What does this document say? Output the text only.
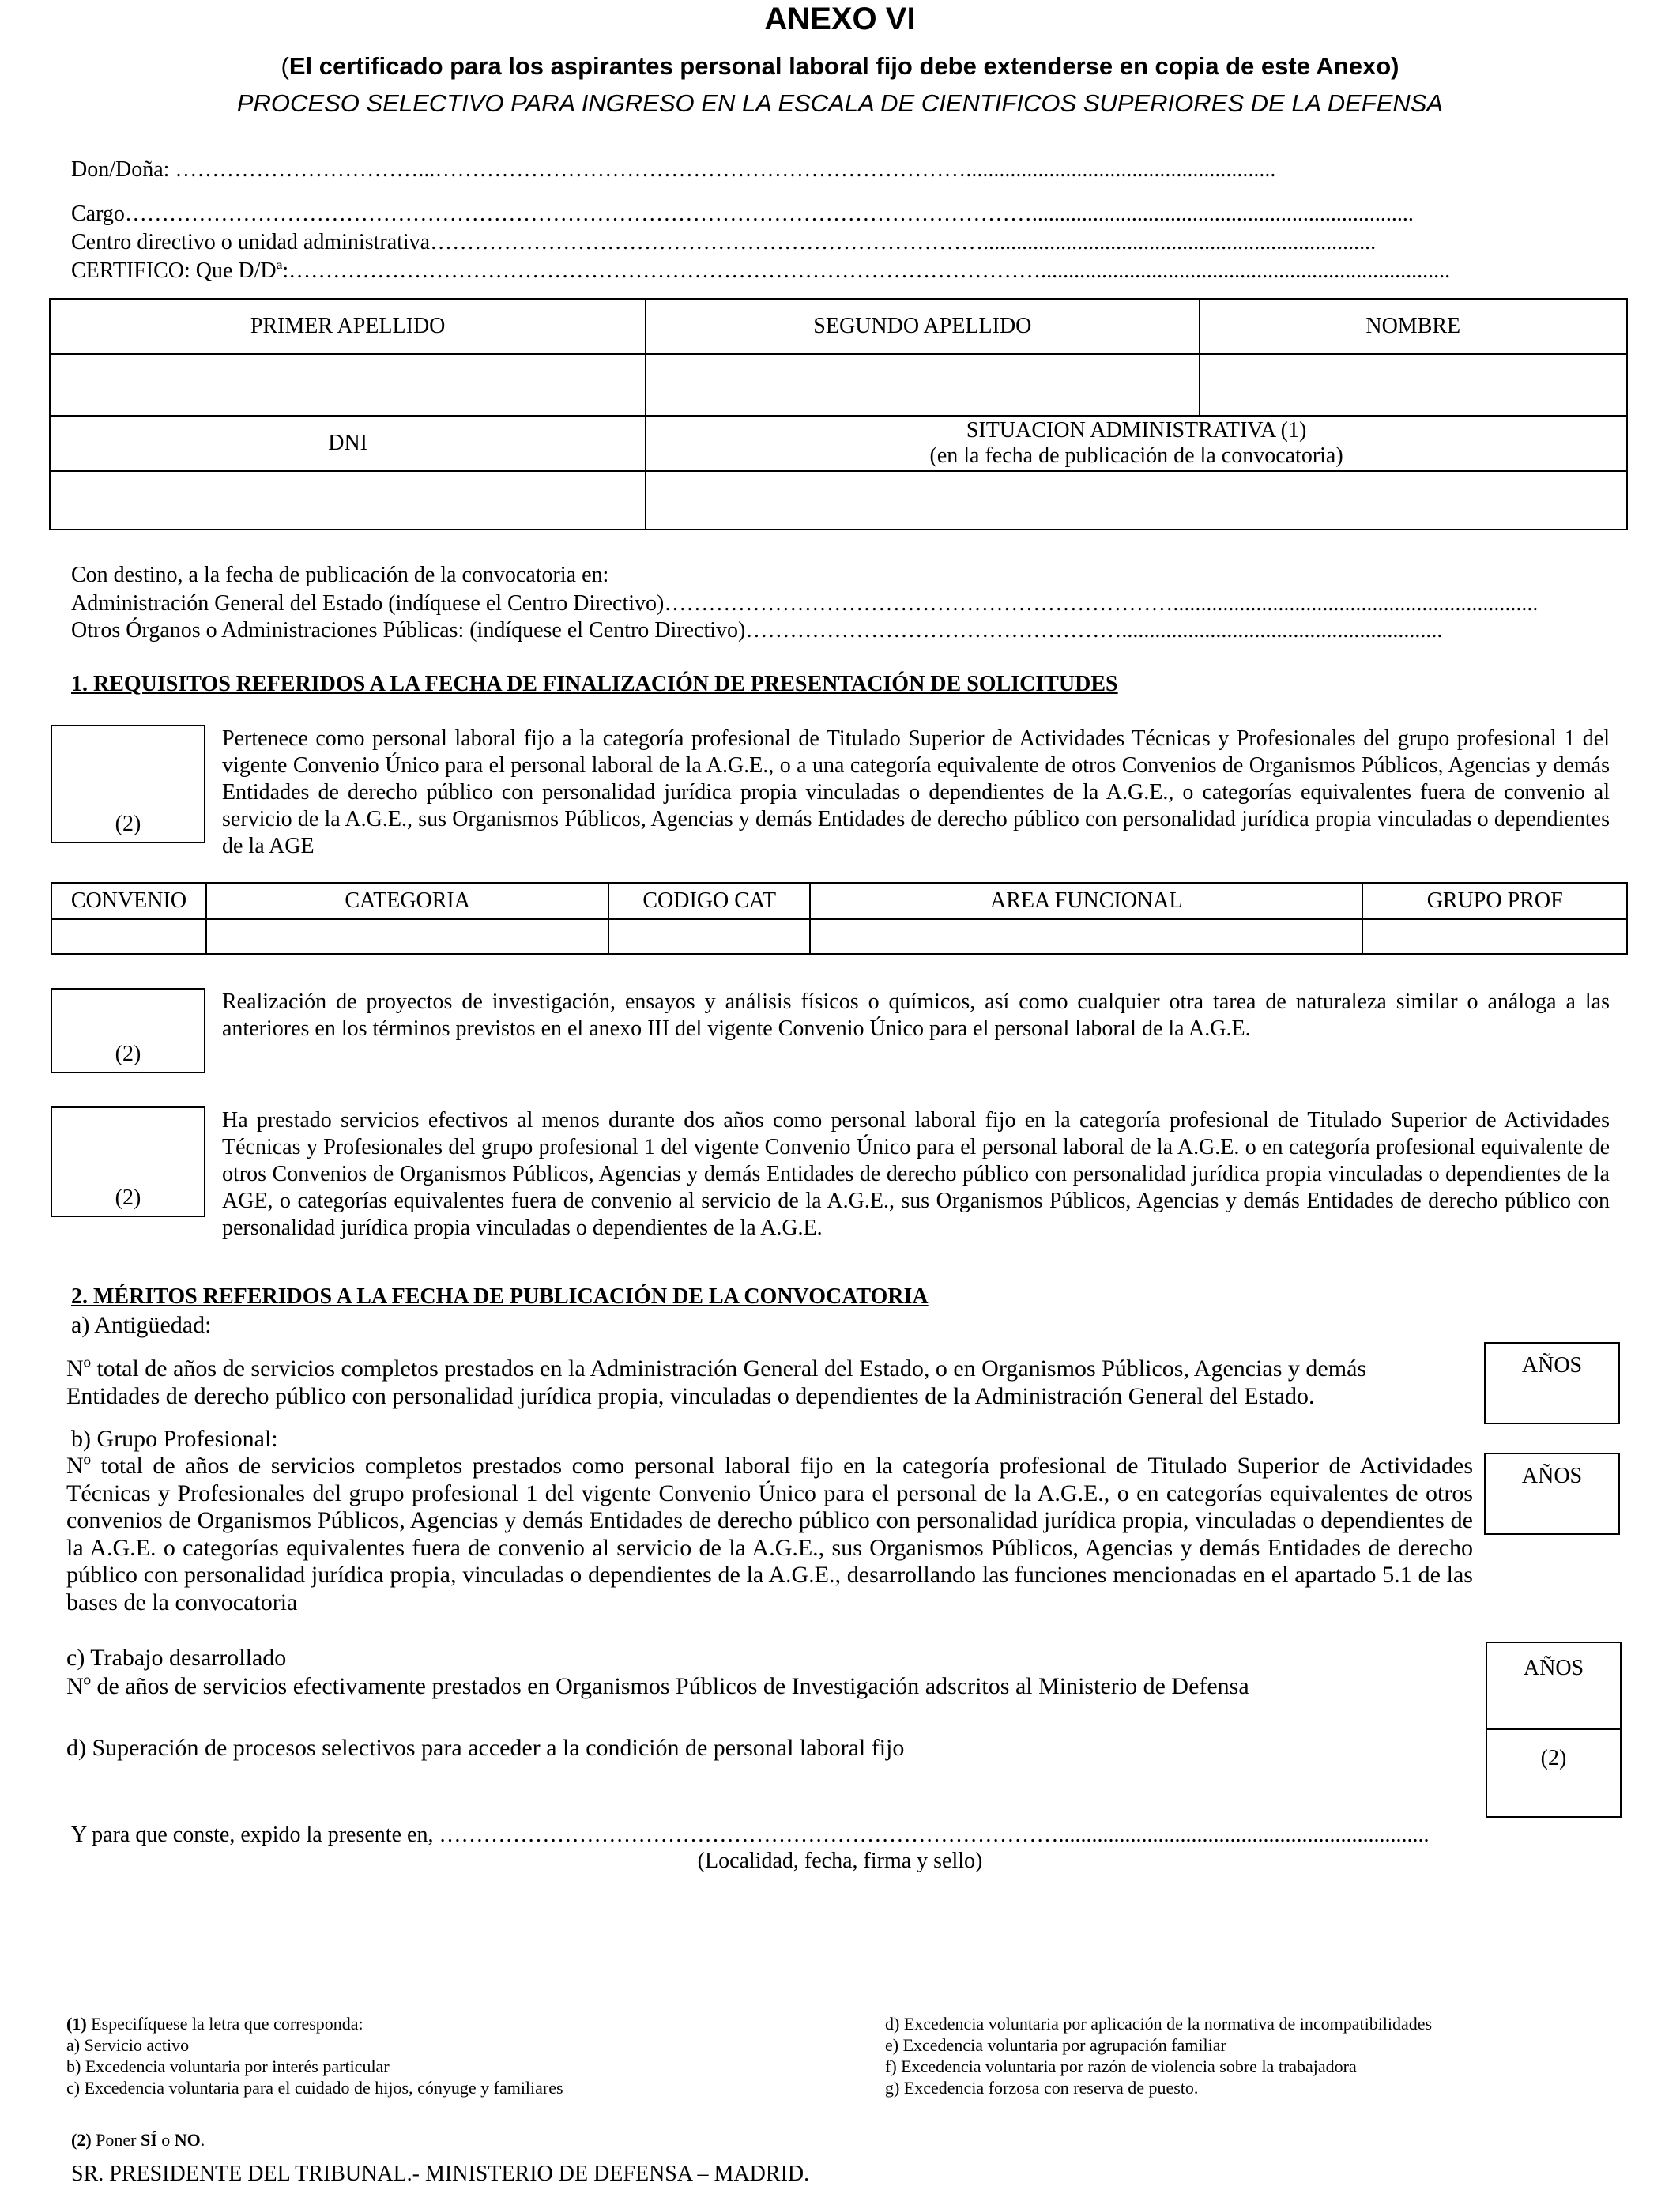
ANEXO VI
(El certificado para los aspirantes personal laboral fijo debe extenderse en copia de este Anexo)
PROCESO SELECTIVO PARA INGRESO EN LA ESCALA DE CIENTIFICOS SUPERIORES DE LA DEFENSA
Don/Doña: ……………………………...………………………………………………………………........................................................
Cargo…………………………………………………………………………………………………………….....................................................................
Centro directivo o unidad administrativa………………………………………………………………….......................................................................
CERTIFICO: Que D/Dª:…………………………………………………………………………………………..........................................................................
PRIMER APELLIDO	SEGUNDO APELLIDO	NOMBRE

DNI	SITUACION ADMINISTRATIVA (1)
(en la fecha de publicación de la convocatoria)	

Con destino, a la fecha de publicación de la convocatoria en:
Administración General del Estado (indíquese el Centro Directivo)……………………………………………………………..................................................................
Otros Órganos o Administraciones Públicas: (indíquese el Centro Directivo)……………………………………………..........................................................
1. REQUISITOS REFERIDOS A LA FECHA DE FINALIZACIÓN DE PRESENTACIÓN DE SOLICITUDES
(2)
Pertenece como personal laboral fijo a la categoría profesional de Titulado Superior de Actividades Técnicas y Profesionales del grupo profesional 1 del vigente Convenio Único para el personal laboral de la A.G.E., o a una categoría equivalente de otros Convenios de Organismos Públicos, Agencias y demás Entidades de derecho público con personalidad jurídica propia vinculadas o dependientes de la A.G.E., o categorías equivalentes fuera de convenio al servicio de la A.G.E., sus Organismos Públicos, Agencias y demás Entidades de derecho público con personalidad jurídica propia vinculadas o dependientes de la AGE
CONVENIO	CATEGORIA	CODIGO CAT	AREA FUNCIONAL	GRUPO PROF

(2)
Realización de proyectos de investigación, ensayos y análisis físicos o químicos, así como cualquier otra tarea de naturaleza similar o análoga a las anteriores en los términos previstos en el anexo III del vigente Convenio Único para el personal laboral de la A.G.E.
(2)
Ha prestado servicios efectivos al menos durante dos años como personal laboral fijo en la categoría profesional de Titulado Superior de Actividades Técnicas y Profesionales del grupo profesional 1 del vigente Convenio Único para el personal laboral de la A.G.E. o en categoría profesional equivalente de otros Convenios de Organismos Públicos, Agencias y demás Entidades de derecho público con personalidad jurídica propia vinculadas o dependientes de la AGE, o categorías equivalentes fuera de convenio al servicio de la A.G.E., sus Organismos Públicos, Agencias y demás Entidades de derecho público con personalidad jurídica propia vinculadas o dependientes de la A.G.E.
2. MÉRITOS REFERIDOS A LA FECHA DE PUBLICACIÓN DE LA CONVOCATORIA
a) Antigüedad:
Nº total de años de servicios completos prestados en la Administración General del Estado, o en Organismos Públicos, Agencias y demás Entidades de derecho público con personalidad jurídica propia, vinculadas o dependientes de la Administración General del Estado.
AÑOS
b) Grupo Profesional:
Nº total de años de servicios completos prestados como personal laboral fijo en la categoría profesional de Titulado Superior de Actividades Técnicas y Profesionales del grupo profesional 1 del vigente Convenio Único para el personal de la A.G.E., o en categorías equivalentes de otros convenios de Organismos Públicos, Agencias y demás Entidades de derecho público con personalidad jurídica propia, vinculadas o dependientes de la A.G.E. o categorías equivalentes fuera de convenio al servicio de la A.G.E., sus Organismos Públicos, Agencias y demás Entidades de derecho público con personalidad jurídica propia, vinculadas o dependientes de la A.G.E., desarrollando las funciones mencionadas en el apartado 5.1 de las bases de la convocatoria
AÑOS
c) Trabajo desarrollado
Nº de años de servicios efectivamente prestados en Organismos Públicos de Investigación adscritos al Ministerio de Defensa
AÑOS
d) Superación de procesos selectivos para acceder a la condición de personal laboral fijo	(2)
Y para que conste, expido la presente en, …………………………………………………………………………...................................................................
(Localidad, fecha, firma y sello)
(1) Especifíquese la letra que corresponda:
a) Servicio activo
b) Excedencia voluntaria por interés particular
c) Excedencia voluntaria para el cuidado de hijos, cónyuge y familiares
d) Excedencia voluntaria por aplicación de la normativa de incompatibilidades
e) Excedencia voluntaria por agrupación familiar
f) Excedencia voluntaria por razón de violencia sobre la trabajadora
g) Excedencia forzosa con reserva de puesto.
(2) Poner SÍ o NO.
SR. PRESIDENTE DEL TRIBUNAL.- MINISTERIO DE DEFENSA – MADRID.
